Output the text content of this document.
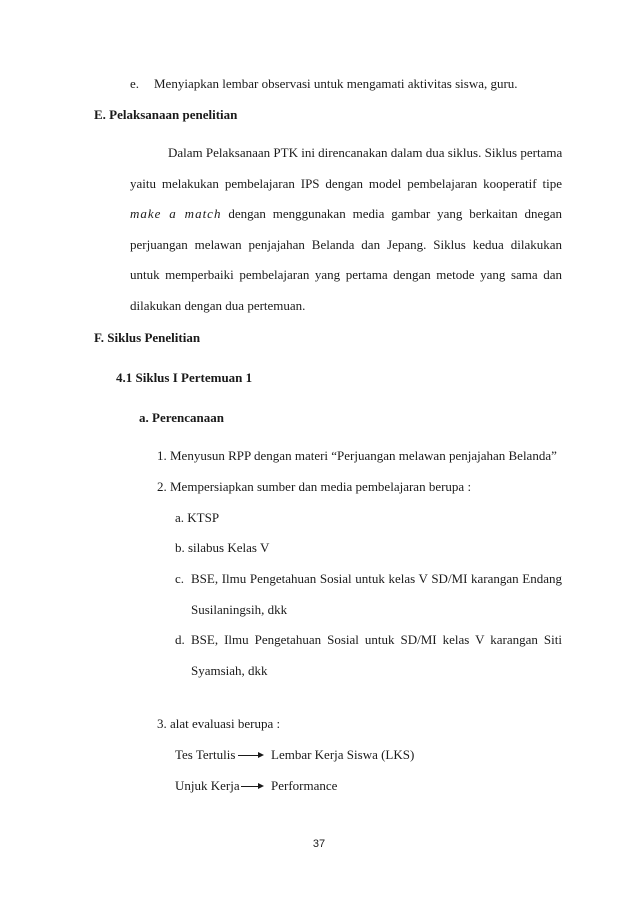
e. Menyiapkan lembar observasi untuk mengamati aktivitas siswa, guru.
E. Pelaksanaan penelitian
Dalam Pelaksanaan PTK ini direncanakan dalam dua siklus. Siklus pertama
yaitu melakukan pembelajaran IPS dengan model pembelajaran kooperatif tipe
make a match dengan menggunakan media gambar yang berkaitan dnegan
perjuangan melawan penjajahan Belanda dan Jepang. Siklus kedua dilakukan
untuk memperbaiki pembelajaran yang pertama dengan metode yang sama dan
dilakukan dengan dua pertemuan.
F. Siklus Penelitian
4.1 Siklus I Pertemuan 1
a. Perencanaan
1. Menyusun RPP dengan materi “Perjuangan melawan penjajahan Belanda”
2. Mempersiapkan sumber dan media pembelajaran berupa :
a. KTSP
b. silabus Kelas V
c. BSE, Ilmu Pengetahuan Sosial untuk kelas V SD/MI karangan Endang
Susilaningsih, dkk
d. BSE, Ilmu Pengetahuan Sosial untuk SD/MI kelas V karangan Siti
Syamsiah, dkk
3. alat evaluasi berupa :
Tes Tertulis	Lembar Kerja Siswa (LKS)
Unjuk Kerja Performance
37
